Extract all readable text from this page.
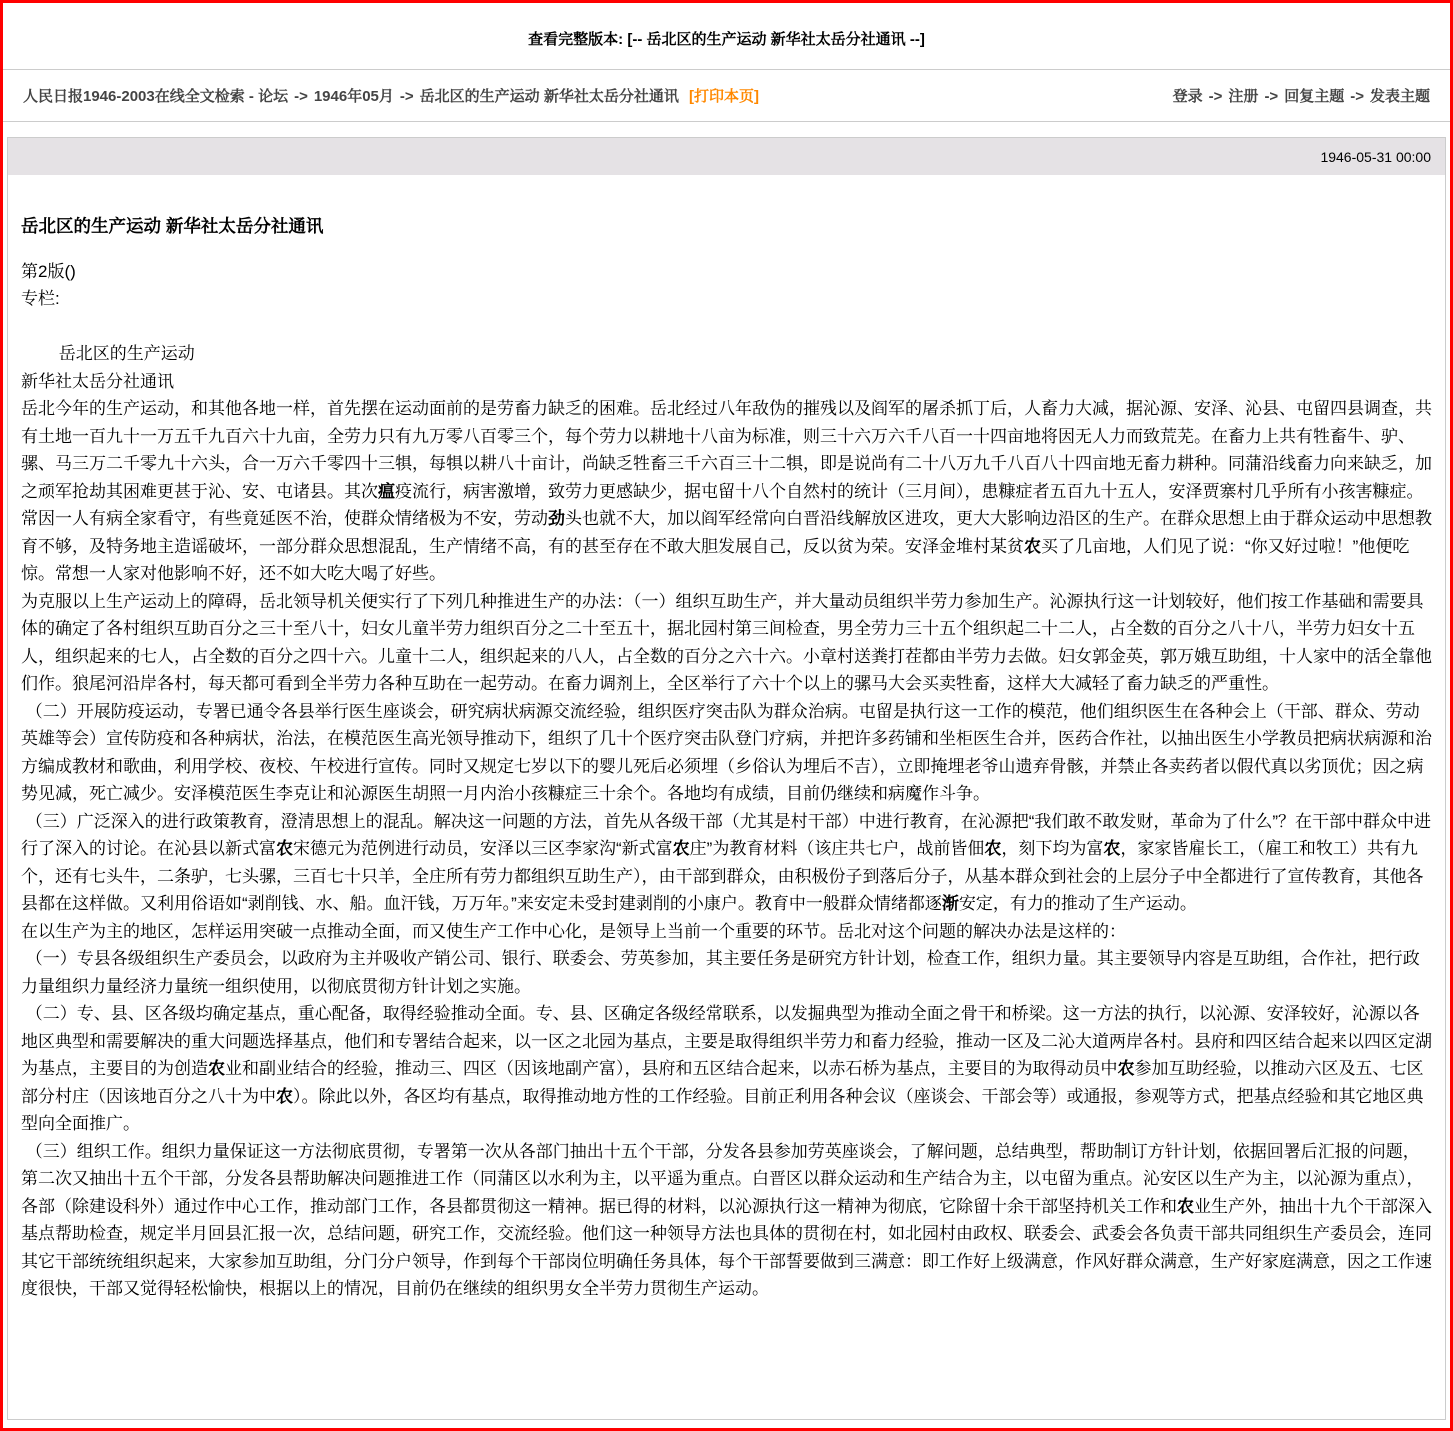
查看完整版本: [-- 岳北区的生产运动 新华社太岳分社通讯 --]
人民日报1946-2003在线全文检索 - 论坛 -> 1946年05月 -> 岳北区的生产运动 新华社太岳分社通讯 [打印本页]	登录 -> 注册 -> 回复主题 -> 发表主题
1946-05-31 00:00
岳北区的生产运动 新华社太岳分社通讯
第2版()
专栏:
岳北区的生产运动
新华社太岳分社通讯
岳北今年的生产运动，和其他各地一样，首先摆在运动面前的是劳畜力缺乏的困难。岳北经过八年敌伪的摧残以及阎军的屠杀抓丁后，人畜力大减，据沁源、安泽、沁县、屯留四县调查，共有土地一百九十一万五千九百六十九亩，全劳力只有九万零八百零三个，每个劳力以耕地十八亩为标准，则三十六万六千八百一十四亩地将因无人力而致荒芜。在畜力上共有牲畜牛、驴、骡、马三万二千零九十六头，合一万六千零四十三犋，每犋以耕八十亩计，尚缺乏牲畜三千六百三十二犋，即是说尚有二十八万九千八百八十四亩地无畜力耕种。同蒲沿线畜力向来缺乏，加之顽军抢劫其困难更甚于沁、安、屯诸县。其次瘟疫流行，病害激增，致劳力更感缺少，据屯留十八个自然村的统计（三月间），患糠症者五百九十五人，安泽贾寨村几乎所有小孩害糠症。常因一人有病全家看守，有些竟延医不治，使群众情绪极为不安，劳动劲头也就不大，加以阎军经常向白晋沿线解放区进攻，更大大影响边沿区的生产。在群众思想上由于群众运动中思想教育不够，及特务地主造谣破坏，一部分群众思想混乱，生产情绪不高，有的甚至存在不敢大胆发展自己，反以贫为荣。安泽金堆村某贫农买了几亩地，人们见了说：“你又好过啦！”他便吃惊。常想一人家对他影响不好，还不如大吃大喝了好些。
为克服以上生产运动上的障碍，岳北领导机关便实行了下列几种推进生产的办法：（一）组织互助生产，并大量动员组织半劳力参加生产。沁源执行这一计划较好，他们按工作基础和需要具体的确定了各村组织互助百分之三十至八十，妇女儿童半劳力组织百分之二十至五十，据北园村第三间检查，男全劳力三十五个组织起二十二人，占全数的百分之八十八，半劳力妇女十五人，组织起来的七人，占全数的百分之四十六。儿童十二人，组织起来的八人，占全数的百分之六十六。小章村送粪打茬都由半劳力去做。妇女郭金英，郭万娥互助组，十人家中的活全靠他们作。狼尾河沿岸各村，每天都可看到全半劳力各种互助在一起劳动。在畜力调剂上，全区举行了六十个以上的骡马大会买卖牲畜，这样大大减轻了畜力缺乏的严重性。
（二）开展防疫运动，专署已通令各县举行医生座谈会，研究病状病源交流经验，组织医疗突击队为群众治病。屯留是执行这一工作的模范，他们组织医生在各种会上（干部、群众、劳动英雄等会）宣传防疫和各种病状，治法，在模范医生高光领导推动下，组织了几十个医疗突击队登门疗病，并把许多药铺和坐柜医生合并，医药合作社，以抽出医生小学教员把病状病源和治方编成教材和歌曲，利用学校、夜校、午校进行宣传。同时又规定七岁以下的婴儿死后必须埋（乡俗认为埋后不吉），立即掩埋老爷山遗弃骨骸，并禁止各卖药者以假代真以劣顶优；因之病势见减，死亡减少。安泽模范医生李克让和沁源医生胡照一月内治小孩糠症三十余个。各地均有成绩，目前仍继续和病魔作斗争。
（三）广泛深入的进行政策教育，澄清思想上的混乱。解决这一问题的方法，首先从各级干部（尤其是村干部）中进行教育，在沁源把“我们敢不敢发财，革命为了什么”？在干部中群众中进行了深入的讨论。在沁县以新式富农宋德元为范例进行动员，安泽以三区李家沟“新式富农庄”为教育材料（该庄共七户，战前皆佃农，刻下均为富农，家家皆雇长工，（雇工和牧工）共有九个，还有七头牛，二条驴，七头骡，三百七十只羊，全庄所有劳力都组织互助生产），由干部到群众，由积极份子到落后分子，从基本群众到社会的上层分子中全都进行了宣传教育，其他各县都在这样做。又利用俗语如“剥削钱、水、船。血汗钱，万万年。”来安定未受封建剥削的小康户。教育中一般群众情绪都逐渐安定，有力的推动了生产运动。
在以生产为主的地区，怎样运用突破一点推动全面，而又使生产工作中心化，是领导上当前一个重要的环节。岳北对这个问题的解决办法是这样的：
（一）专县各级组织生产委员会，以政府为主并吸收产销公司、银行、联委会、劳英参加，其主要任务是研究方针计划，检查工作，组织力量。其主要领导内容是互助组，合作社，把行政力量组织力量经济力量统一组织使用，以彻底贯彻方针计划之实施。
（二）专、县、区各级均确定基点，重心配备，取得经验推动全面。专、县、区确定各级经常联系，以发掘典型为推动全面之骨干和桥梁。这一方法的执行，以沁源、安泽较好，沁源以各地区典型和需要解决的重大问题选择基点，他们和专署结合起来，以一区之北园为基点，主要是取得组织半劳力和畜力经验，推动一区及二沁大道两岸各村。县府和四区结合起来以四区定湖为基点，主要目的为创造农业和副业结合的经验，推动三、四区（因该地副产富），县府和五区结合起来，以赤石桥为基点，主要目的为取得动员中农参加互助经验，以推动六区及五、七区部分村庄（因该地百分之八十为中农）。除此以外，各区均有基点，取得推动地方性的工作经验。目前正利用各种会议（座谈会、干部会等）或通报，参观等方式，把基点经验和其它地区典型向全面推广。
（三）组织工作。组织力量保证这一方法彻底贯彻，专署第一次从各部门抽出十五个干部，分发各县参加劳英座谈会，了解问题，总结典型，帮助制订方针计划，依据回署后汇报的问题，第二次又抽出十五个干部，分发各县帮助解决问题推进工作（同蒲区以水利为主，以平遥为重点。白晋区以群众运动和生产结合为主，以屯留为重点。沁安区以生产为主，以沁源为重点），各部（除建设科外）通过作中心工作，推动部门工作，各县都贯彻这一精神。据已得的材料，以沁源执行这一精神为彻底，它除留十余干部坚持机关工作和农业生产外，抽出十九个干部深入基点帮助检查，规定半月回县汇报一次，总结问题，研究工作，交流经验。他们这一种领导方法也具体的贯彻在村，如北园村由政权、联委会、武委会各负责干部共同组织生产委员会，连同其它干部统统组织起来，大家参加互助组，分门分户领导，作到每个干部岗位明确任务具体，每个干部誓要做到三满意：即工作好上级满意，作风好群众满意，生产好家庭满意，因之工作速度很快，干部又觉得轻松愉快，根据以上的情况，目前仍在继续的组织男女全半劳力贯彻生产运动。
